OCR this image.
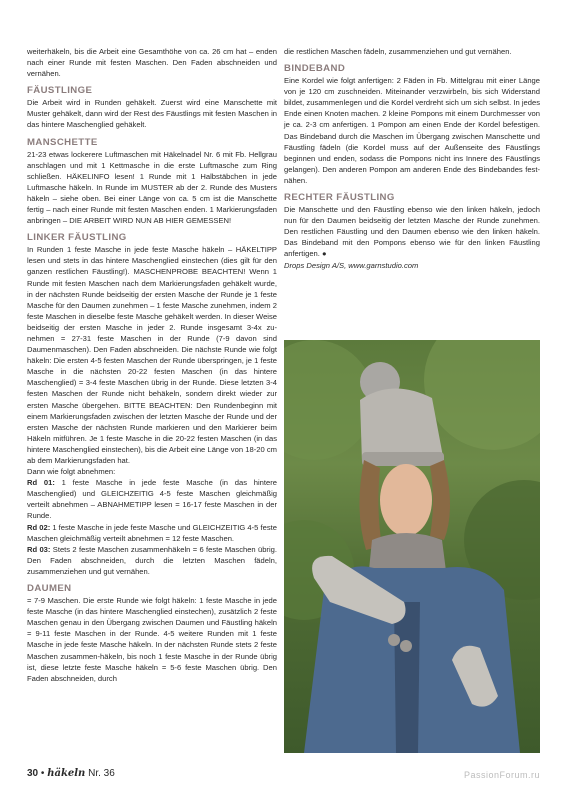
weiterhäkeln, bis die Arbeit eine Gesamthöhe von ca. 26 cm hat – enden nach einer Runde mit festen Maschen. Den Faden abschneiden und vernähen.

FÄUSTLINGE

Die Arbeit wird in Runden gehäkelt. Zuerst wird eine Manschette mit Muster gehäkelt, dann wird der Rest des Fäustlings mit festen Maschen in das hintere Maschenglied gehäkelt.

MANSCHETTE

21-23 etwas lockerere Luftmaschen mit Häkelnadel Nr. 6 mit Fb. Hellgrau anschlagen und mit 1 Kettmasche in die erste Luftmasche zum Ring schließen. HÄKELINFO lesen! 1 Runde mit 1 Halbstäbchen in jede Luftmasche häkeln. In Runde im MUSTER ab der 2. Runde des Musters häkeln – siehe oben. Bei einer Länge von ca. 5 cm ist die Manschette fertig – nach einer Runde mit festen Maschen enden. 1 Markierungsfaden anbringen – DIE ARBEIT WIRD NUN AB HIER GEMESSEN!

LINKER FÄUSTLING

In Runden 1 feste Masche in jede feste Masche häkeln – HÄKELTIPP lesen und stets in das hintere Maschenglied einstechen (dies gilt für den ganzen restlichen Fäustling!). MASCHENPROBE BEACHTEN! Wenn 1 Runde mit festen Maschen nach dem Markierungsfaden gehäkelt wurde, in der nächsten Runde beidseitig der ersten Masche der Runde je 1 feste Masche für den Daumen zunehmen – 1 feste Masche zunehmen, indem 2 feste Maschen in dieselbe feste Masche gehäkelt werden. In dieser Weise beidseitig der ersten Masche in jeder 2. Runde insgesamt 3-4x zu-nehmen = 27-31 feste Maschen in der Runde (7-9 davon sind Daumenmaschen). Den Faden abschneiden. Die nächste Runde wie folgt häkeln: Die ersten 4-5 festen Maschen der Runde überspringen, je 1 feste Masche in die nächsten 20-22 festen Maschen (in das hintere Maschenglied) = 3-4 feste Maschen übrig in der Runde. Diese letzten 3-4 festen Maschen der Runde nicht behäkeln, sondern direkt wieder zur ersten Masche übergehen. BITTE BEACHTEN: Den Rundenbeginn mit einem Markierungsfaden zwischen der letzten Masche der Runde und der ersten Masche der nächsten Runde markieren und den Markierer beim Häkeln mitführen. Je 1 feste Masche in die 20-22 festen Maschen (in das hintere Maschenglied einstechen), bis die Arbeit eine Länge von 18-20 cm ab dem Markierungsfaden hat.

Dann wie folgt abnehmen:

Rd 01: 1 feste Masche in jede feste Masche (in das hintere Maschenglied) und GLEICHZEITIG 4-5 feste Maschen gleichmäßig verteilt abnehmen – ABNAHMETIPP lesen = 16-17 feste Maschen in der Runde.

Rd 02: 1 feste Masche in jede feste Masche und GLEICHZEITIG 4-5 feste Maschen gleichmäßig verteilt abnehmen = 12 feste Maschen.

Rd 03: Stets 2 feste Maschen zusammenhäkeln = 6 feste Maschen übrig. Den Faden abschneiden, durch die letzten Maschen fädeln, zusammenziehen und gut vernähen.

DAUMEN

= 7-9 Maschen. Die erste Runde wie folgt häkeln: 1 feste Masche in jede feste Masche (in das hintere Maschenglied einstechen), zusätzlich 2 feste Maschen genau in den Übergang zwischen Daumen und Fäustling häkeln = 9-11 feste Maschen in der Runde. 4-5 weitere Runden mit 1 feste Masche in jede feste Masche häkeln. In der nächsten Runde stets 2 feste Maschen zusammen-häkeln, bis noch 1 feste Masche in der Runde übrig ist, diese letzte feste Masche häkeln = 5-6 feste Maschen übrig. Den Faden abschneiden, durch

die restlichen Maschen fädeln, zusammenziehen und gut vernähen.

BINDEBAND

Eine Kordel wie folgt anfertigen: 2 Fäden in Fb. Mittelgrau mit einer Länge von je 120 cm zuschneiden. Miteinander verzwirbeln, bis sich Widerstand bildet, zusammenlegen und die Kordel verdreht sich um sich selbst. In jedes Ende einen Knoten machen. 2 kleine Pompons mit einem Durchmesser von je ca. 2-3 cm anfertigen. 1 Pompon am einen Ende der Kordel befestigen. Das Bindeband durch die Maschen im Übergang zwischen Manschette und Fäustling fädeln (die Kordel muss auf der Außenseite des Fäustlings beginnen und enden, sodass die Pompons nicht ins Innere des Fäustlings gelangen). Den anderen Pompon am anderen Ende des Bindebandes fest-nähen.

RECHTER FÄUSTLING

Die Manschette und den Fäustling ebenso wie den linken häkeln, jedoch nun für den Daumen beidseitig der letzten Masche der Runde zunehmen. Den restlichen Fäustling und den Daumen ebenso wie den linken häkeln. Das Bindeband mit den Pompons ebenso wie für den linken Fäustling anfertigen. ●

Drops Design A/S, www.garnstudio.com

30 • häkeln Nr. 36	PassionForum.ru
